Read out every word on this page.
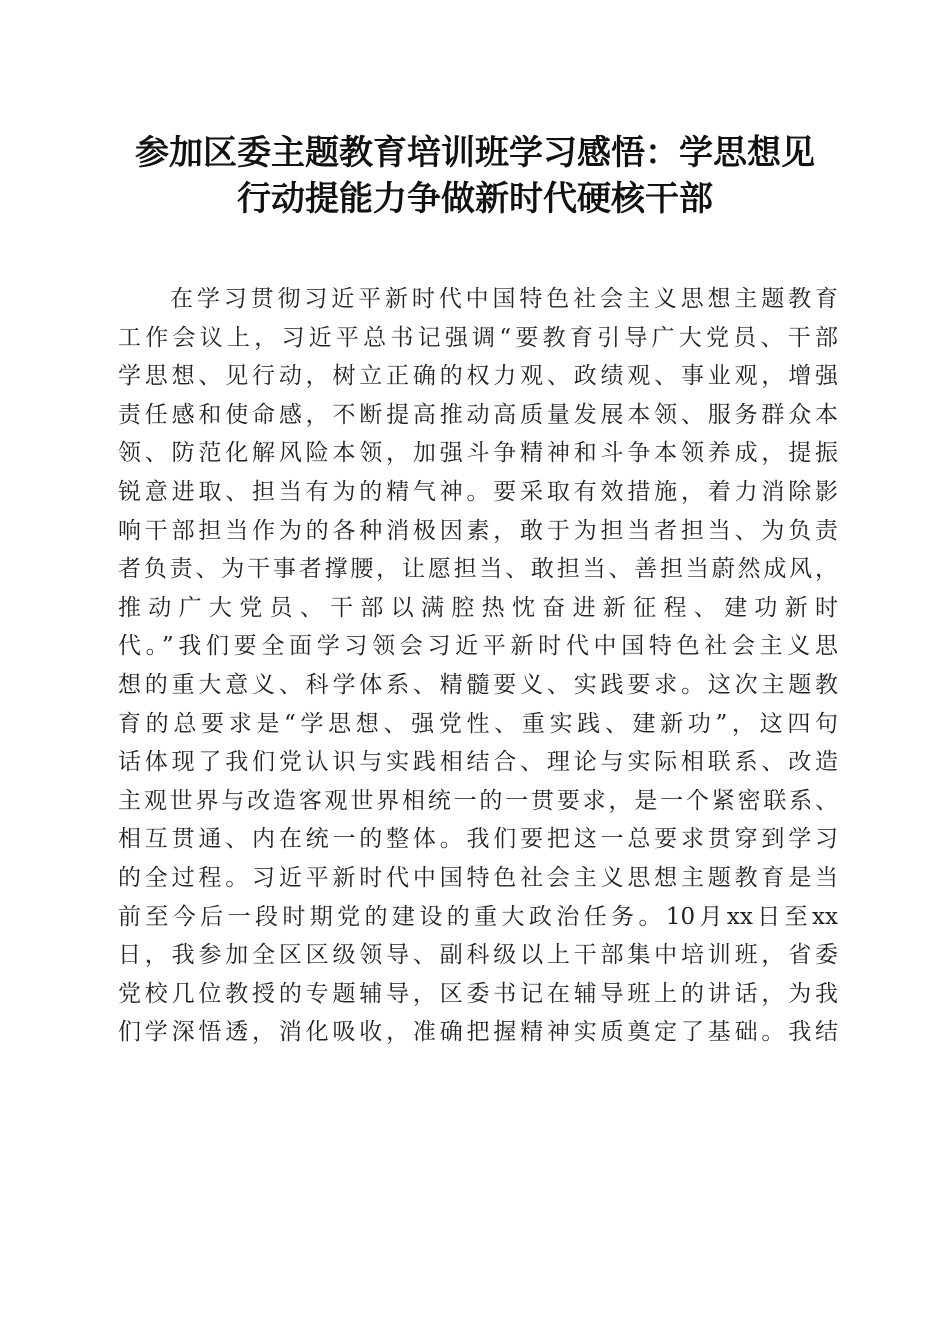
参加区委主题教育培训班学习感悟：学思想见
行动提能力争做新时代硬核干部
在学习贯彻习近平新时代中国特色社会主义思想主题教育
工作会议上，习近平总书记强调“要教育引导广大党员、干部
学思想、见行动，树立正确的权力观、政绩观、事业观，增强
责任感和使命感，不断提高推动高质量发展本领、服务群众本
领、防范化解风险本领，加强斗争精神和斗争本领养成，提振
锐意进取、担当有为的精气神。要采取有效措施，着力消除影
响干部担当作为的各种消极因素，敢于为担当者担当、为负责
者负责、为干事者撑腰，让愿担当、敢担当、善担当蔚然成风，
推动广大党员、干部以满腔热忱奋进新征程、建功新时
代。”我们要全面学习领会习近平新时代中国特色社会主义思
想的重大意义、科学体系、精髓要义、实践要求。这次主题教
育的总要求是“学思想、强党性、重实践、建新功”，这四句
话体现了我们党认识与实践相结合、理论与实际相联系、改造
主观世界与改造客观世界相统一的一贯要求，是一个紧密联系、
相互贯通、内在统一的整体。我们要把这一总要求贯穿到学习
的全过程。习近平新时代中国特色社会主义思想主题教育是当
前至今后一段时期党的建设的重大政治任务。10月xx日至xx
日，我参加全区区级领导、副科级以上干部集中培训班，省委
党校几位教授的专题辅导，区委书记在辅导班上的讲话，为我
们学深悟透，消化吸收，准确把握精神实质奠定了基础。我结
